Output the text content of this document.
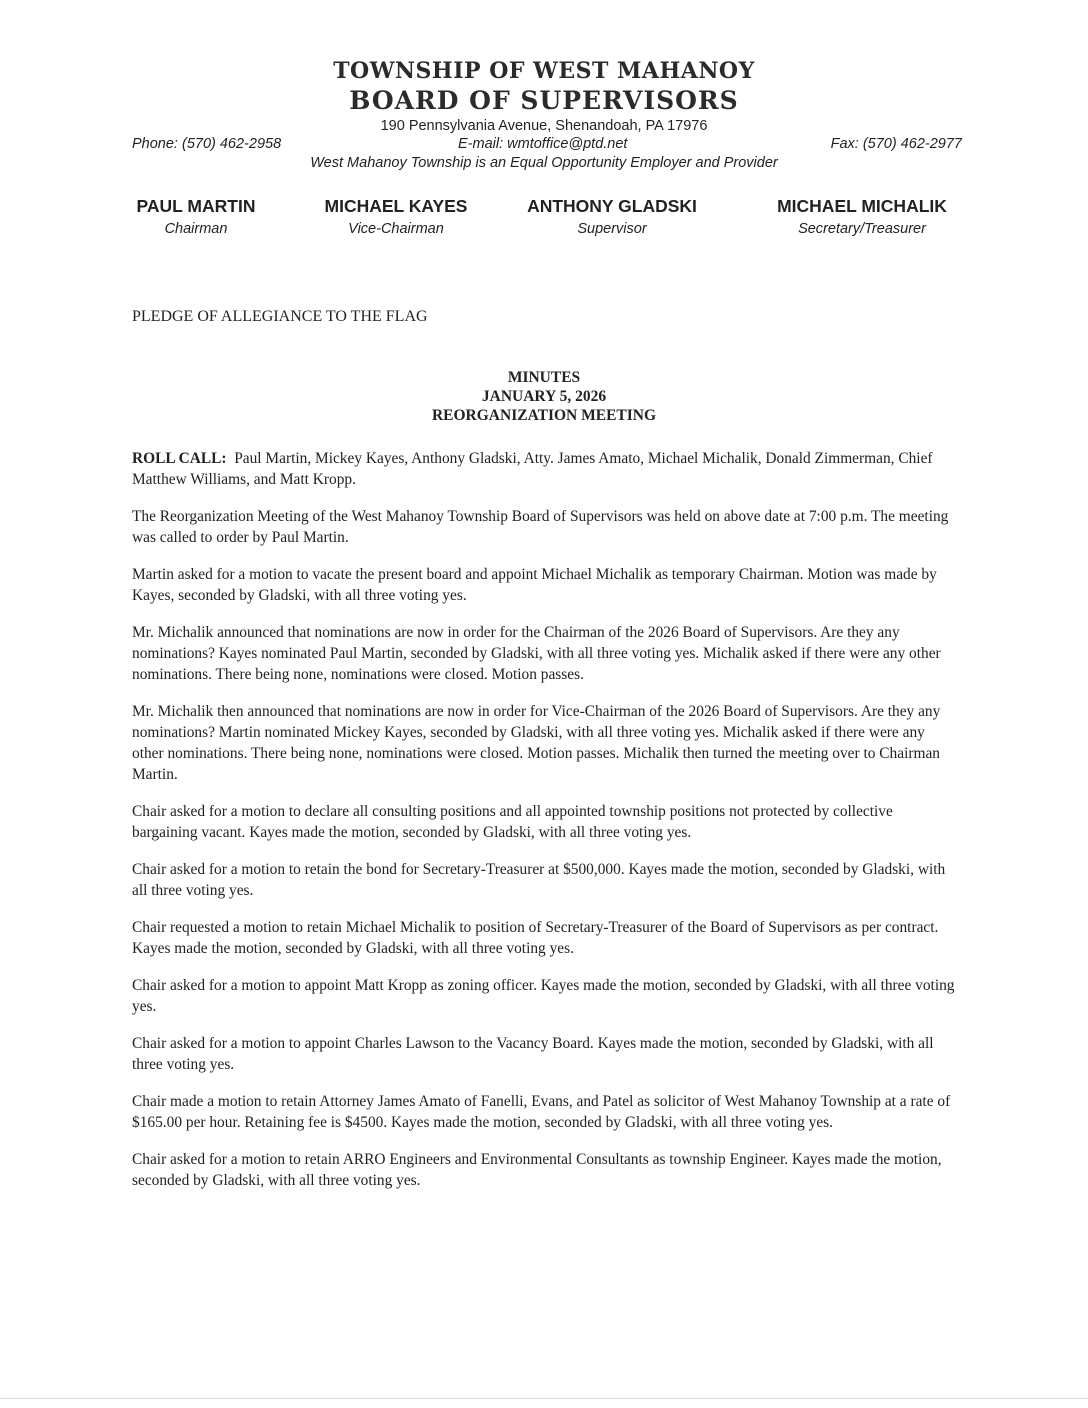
TOWNSHIP OF WEST MAHANOY
BOARD OF SUPERVISORS
190 Pennsylvania Avenue, Shenandoah, PA 17976
Phone: (570) 462-2958	E-mail: wmtoffice@ptd.net	Fax: (570) 462-2977
West Mahanoy Township is an Equal Opportunity Employer and Provider
PAUL MARTIN
Chairman
MICHAEL KAYES
Vice-Chairman
ANTHONY GLADSKI
Supervisor
MICHAEL MICHALIK
Secretary/Treasurer
PLEDGE OF ALLEGIANCE TO THE FLAG
MINUTES
JANUARY 5, 2026
REORGANIZATION MEETING

ROLL CALL: Paul Martin, Mickey Kayes, Anthony Gladski, Atty. James Amato, Michael Michalik, Donald Zimmerman, Chief Matthew Williams, and Matt Kropp.

The Reorganization Meeting of the West Mahanoy Township Board of Supervisors was held on above date at 7:00 p.m. The meeting was called to order by Paul Martin.

Martin asked for a motion to vacate the present board and appoint Michael Michalik as temporary Chairman. Motion was made by Kayes, seconded by Gladski, with all three voting yes.

Mr. Michalik announced that nominations are now in order for the Chairman of the 2026 Board of Supervisors. Are they any nominations? Kayes nominated Paul Martin, seconded by Gladski, with all three voting yes. Michalik asked if there were any other nominations. There being none, nominations were closed. Motion passes.

Mr. Michalik then announced that nominations are now in order for Vice-Chairman of the 2026 Board of Supervisors. Are they any nominations? Martin nominated Mickey Kayes, seconded by Gladski, with all three voting yes. Michalik asked if there were any other nominations. There being none, nominations were closed. Motion passes. Michalik then turned the meeting over to Chairman Martin.

Chair asked for a motion to declare all consulting positions and all appointed township positions not protected by collective bargaining vacant. Kayes made the motion, seconded by Gladski, with all three voting yes.

Chair asked for a motion to retain the bond for Secretary-Treasurer at $500,000. Kayes made the motion, seconded by Gladski, with all three voting yes.

Chair requested a motion to retain Michael Michalik to position of Secretary-Treasurer of the Board of Supervisors as per contract. Kayes made the motion, seconded by Gladski, with all three voting yes.

Chair asked for a motion to appoint Matt Kropp as zoning officer. Kayes made the motion, seconded by Gladski, with all three voting yes.

Chair asked for a motion to appoint Charles Lawson to the Vacancy Board. Kayes made the motion, seconded by Gladski, with all three voting yes.

Chair made a motion to retain Attorney James Amato of Fanelli, Evans, and Patel as solicitor of West Mahanoy Township at a rate of $165.00 per hour. Retaining fee is $4500. Kayes made the motion, seconded by Gladski, with all three voting yes.

Chair asked for a motion to retain ARRO Engineers and Environmental Consultants as township Engineer. Kayes made the motion, seconded by Gladski, with all three voting yes.
